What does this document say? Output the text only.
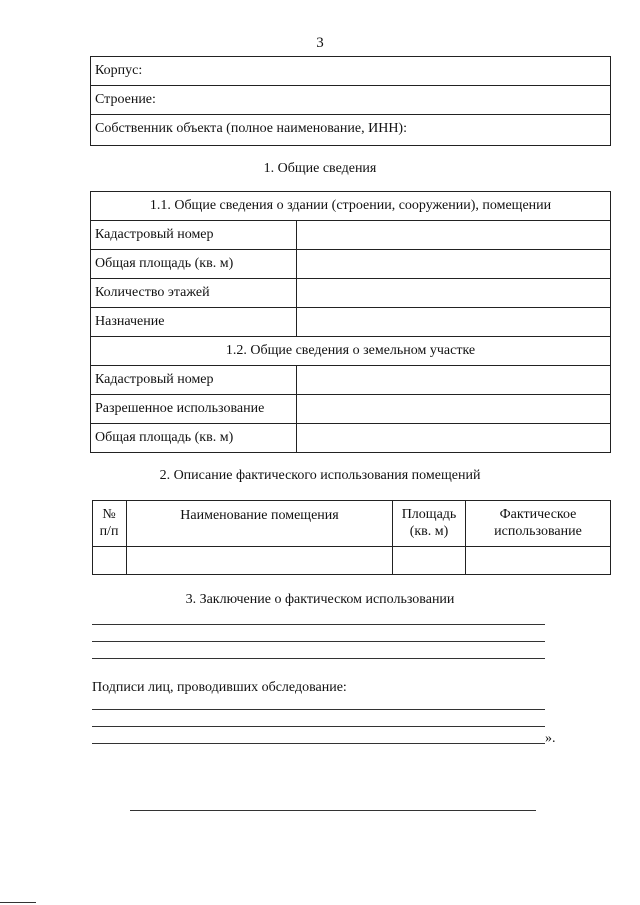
3
Корпус:
Строение:
Собственник объекта (полное наименование, ИНН):
1. Общие сведения
1.1. Общие сведения о здании (строении, сооружении), помещении
Кадастровый номер
Общая площадь (кв. м)
Количество этажей
Назначение
1.2. Общие сведения о земельном участке
Кадастровый номер
Разрешенное использование
Общая площадь (кв. м)
2. Описание фактического использования помещений
№ п/п
Наименование помещения	Площадь (кв. м)
Фактическое использование
3. Заключение о фактическом использовании
Подписи лиц, проводивших обследование:
».
